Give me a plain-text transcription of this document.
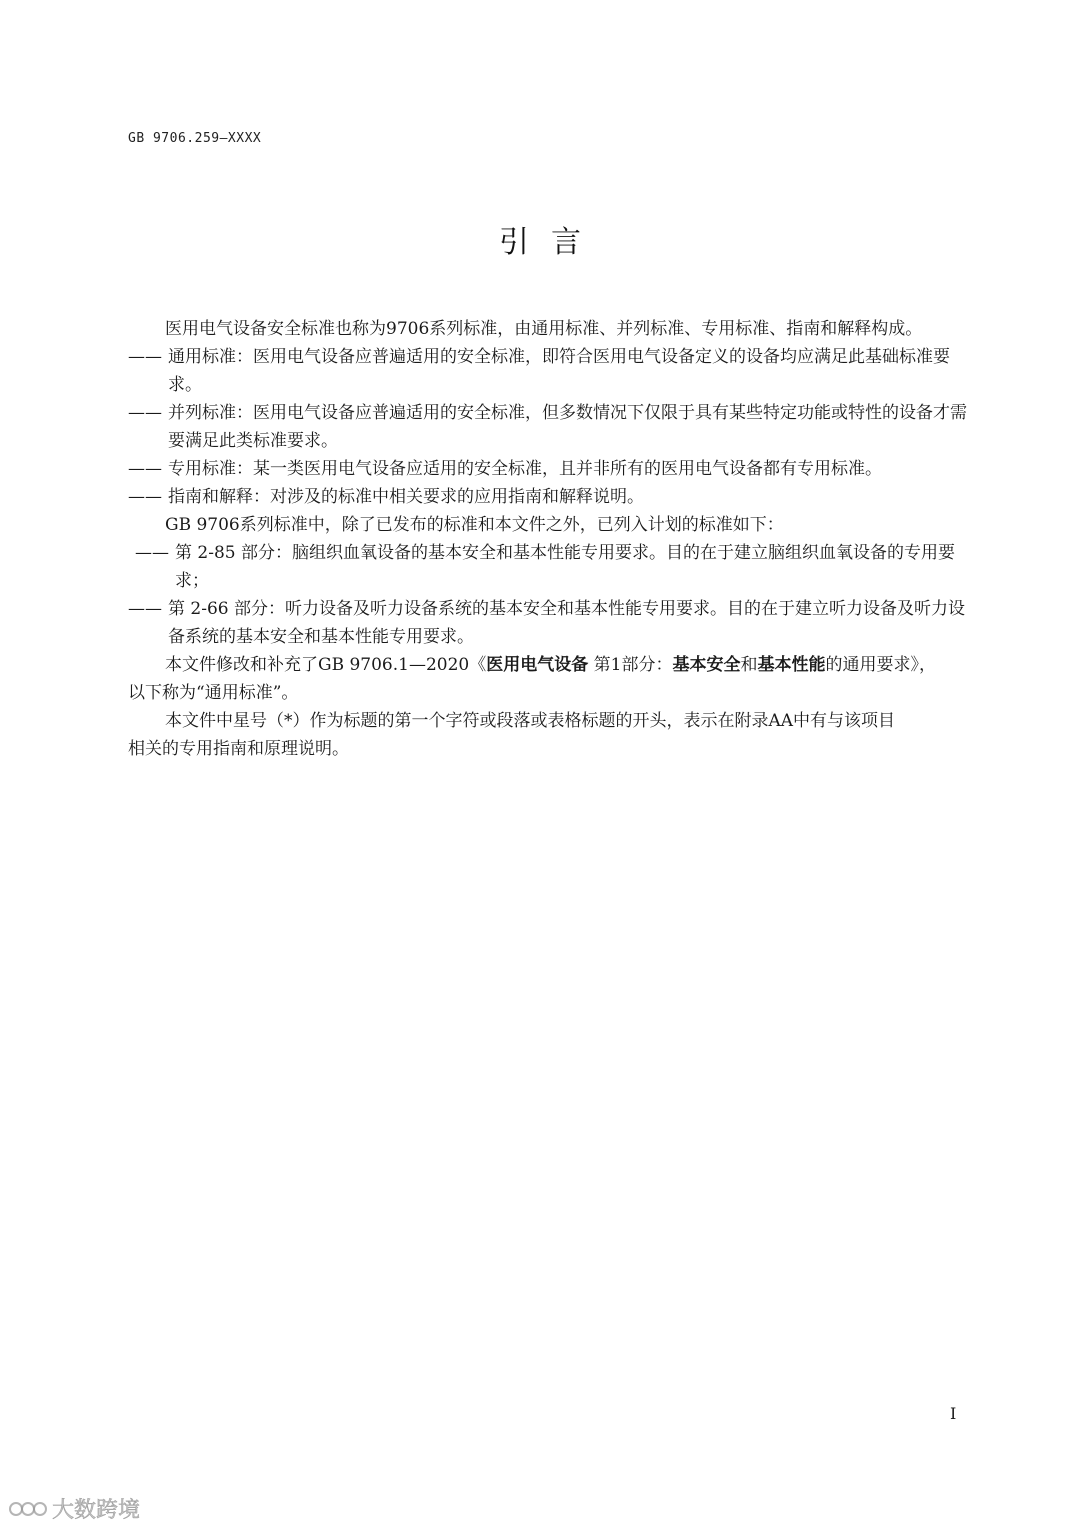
GB 9706.259—XXXX
引言

医用电气设备安全标准也称为9706系列标准，由通用标准、并列标准、专用标准、指南和解释构成。

—— 通用标准：医用电气设备应普遍适用的安全标准，即符合医用电气设备定义的设备均应满足此基础标准要求。
—— 并列标准：医用电气设备应普遍适用的安全标准，但多数情况下仅限于具有某些特定功能或特性的设备才需要满足此类标准要求。
—— 专用标准：某一类医用电气设备应适用的安全标准，且并非所有的医用电气设备都有专用标准。
—— 指南和解释：对涉及的标准中相关要求的应用指南和解释说明。

GB 9706系列标准中，除了已发布的标准和本文件之外，已列入计划的标准如下：

—— 第 2-85 部分：脑组织血氧设备的基本安全和基本性能专用要求。目的在于建立脑组织血氧设备的专用要求；
—— 第 2-66 部分：听力设备及听力设备系统的基本安全和基本性能专用要求。目的在于建立听力设备及听力设备系统的基本安全和基本性能专用要求。

本文件修改和补充了GB 9706.1—2020《医用电气设备 第1部分：基本安全和基本性能的通用要求》，

以下称为“通用标准”。

本文件中星号（*）作为标题的第一个字符或段落或表格标题的开头，表示在附录AA中有与该项目

相关的专用指南和原理说明。

I
大数跨境
